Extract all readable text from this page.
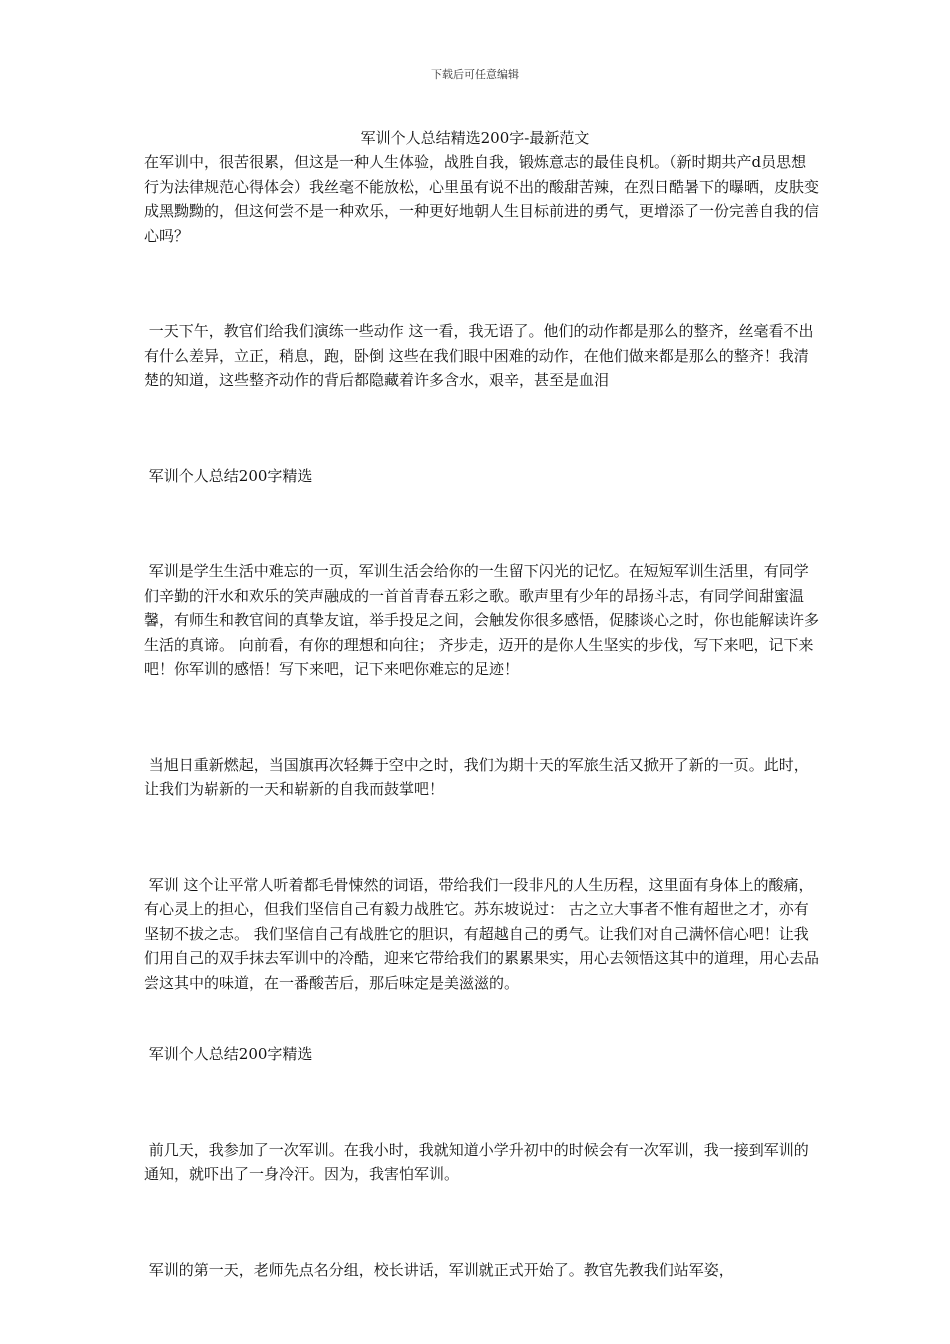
下载后可任意编辑
军训个人总结精选200字-最新范文

在军训中，很苦很累，但这是一种人生体验，战胜自我，锻炼意志的最佳良机。（新时期共产d员思想行为法律规范心得体会）我丝毫不能放松，心里虽有说不出的酸甜苦辣，在烈日酷暑下的曝晒，皮肤变成黑黝黝的，但这何尝不是一种欢乐，一种更好地朝人生目标前进的勇气，更增添了一份完善自我的信心吗？

一天下午，教官们给我们演练一些动作 这一看，我无语了。他们的动作都是那么的整齐，丝毫看不出有什么差异，立正，稍息，跑，卧倒 这些在我们眼中困难的动作，在他们做来都是那么的整齐！我清楚的知道，这些整齐动作的背后都隐藏着许多含水，艰辛，甚至是血泪

军训个人总结200字精选

军训是学生生活中难忘的一页，军训生活会给你的一生留下闪光的记忆。在短短军训生活里，有同学们辛勤的汗水和欢乐的笑声融成的一首首青春五彩之歌。歌声里有少年的昂扬斗志，有同学间甜蜜温馨，有师生和教官间的真挚友谊，举手投足之间，会触发你很多感悟，促膝谈心之时，你也能解读许多生活的真谛。 向前看，有你的理想和向往； 齐步走，迈开的是你人生坚实的步伐，写下来吧，记下来吧！你军训的感悟！写下来吧，记下来吧你难忘的足迹！

当旭日重新燃起，当国旗再次轻舞于空中之时，我们为期十天的军旅生活又掀开了新的一页。此时，让我们为崭新的一天和崭新的自我而鼓掌吧！

军训 这个让平常人听着都毛骨悚然的词语，带给我们一段非凡的人生历程，这里面有身体上的酸痛，有心灵上的担心，但我们坚信自己有毅力战胜它。苏东坡说过： 古之立大事者不惟有超世之才，亦有坚韧不拔之志。 我们坚信自己有战胜它的胆识，有超越自己的勇气。让我们对自己满怀信心吧！让我们用自己的双手抹去军训中的冷酷，迎来它带给我们的累累果实，用心去领悟这其中的道理，用心去品尝这其中的味道，在一番酸苦后，那后味定是美滋滋的。

军训个人总结200字精选

前几天，我参加了一次军训。在我小时，我就知道小学升初中的时候会有一次军训，我一接到军训的通知，就吓出了一身冷汗。因为，我害怕军训。

军训的第一天，老师先点名分组，校长讲话，军训就正式开始了。教官先教我们站军姿，
